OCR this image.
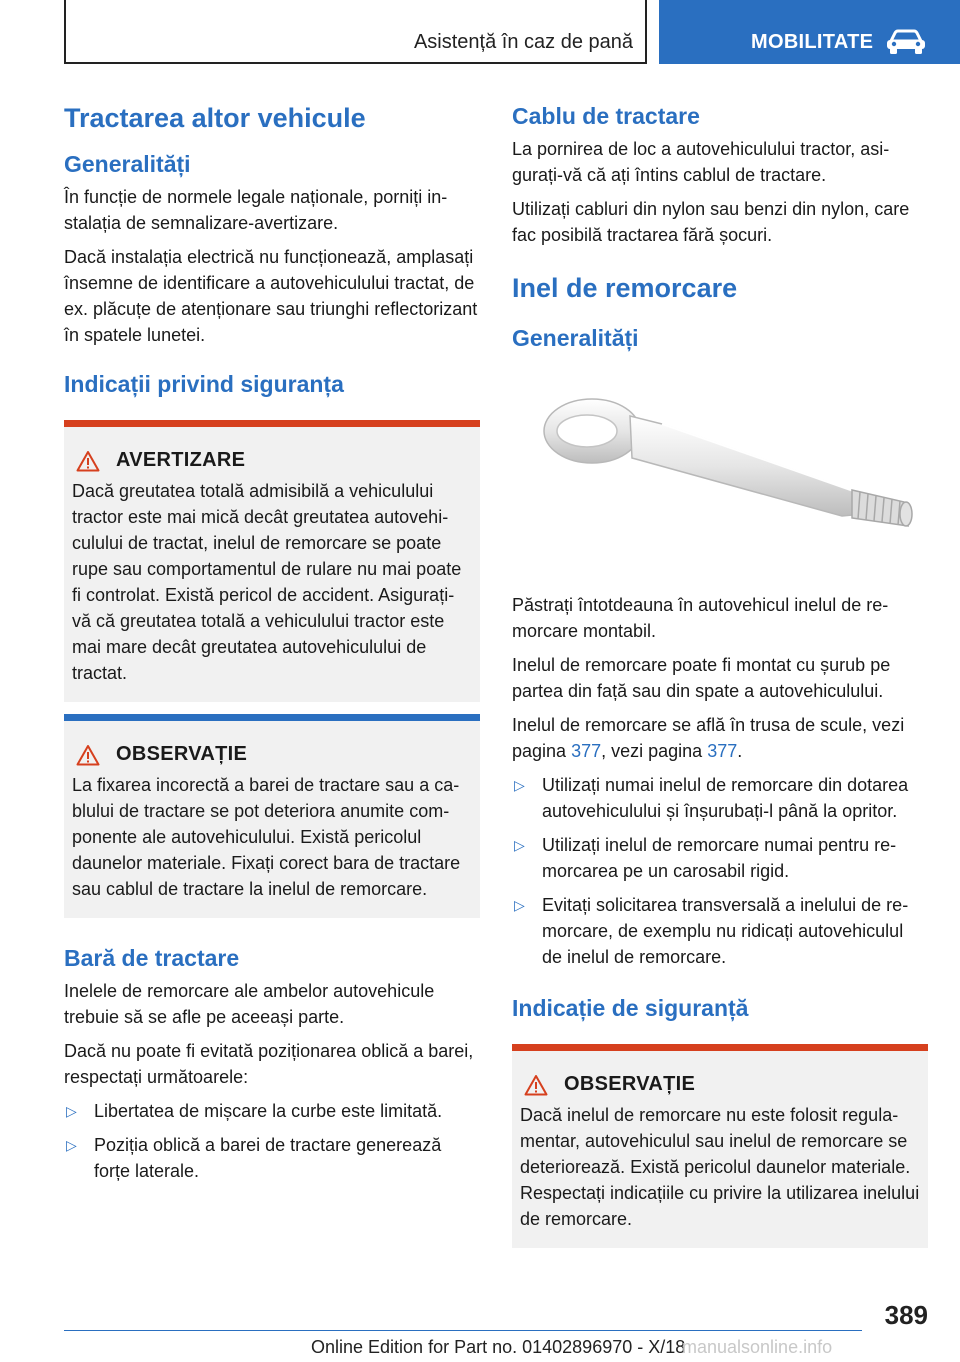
Asistență în caz de pană	MOBILITATE
Tractarea altor vehicule
Generalități

În funcție de normele legale naționale, porniți instalația de semnalizare-avertizare.

Dacă instalația electrică nu funcționează, amplasați însemne de identificare a autovehiculului tractat, de ex. plăcuțe de atenționare sau triunghi reflectorizant în spatele lunetei.

Indicații privind siguranța
AVERTIZARE

Dacă greutatea totală admisibilă a vehiculului tractor este mai mică decât greutatea autovehiculului de tractat, inelul de remorcare se poate rupe sau comportamentul de rulare nu mai poate fi controlat. Există pericol de accident. Asigurați-vă că greutatea totală a vehiculului tractor este mai mare decât greutatea autovehiculului de tractat.

OBSERVAȚIE

La fixarea incorectă a barei de tractare sau a cablului de tractare se pot deteriora anumite componente ale autovehiculului. Există pericolul daunelor materiale. Fixați corect bara de tractare sau cablul de tractare la inelul de remorcare.

Bară de tractare

Inelele de remorcare ale ambelor autovehicule trebuie să se afle pe aceeași parte.

Dacă nu poate fi evitată poziționarea oblică a barei, respectați următoarele:

▷ Libertatea de mișcare la curbe este limitată.
▷ Poziția oblică a barei de tractare generează forțe laterale.
Cablu de tractare

La pornirea de loc a autovehiculului tractor, asigurați-vă că ați întins cablul de tractare.

Utilizați cabluri din nylon sau benzi din nylon, care fac posibilă tractarea fără șocuri.

Inel de remorcare
Generalități

Păstrați întotdeauna în autovehicul inelul de remorcare montabil.

Inelul de remorcare poate fi montat cu șurub pe partea din față sau din spate a autovehiculului.

Inelul de remorcare se află în trusa de scule, vezi pagina 377, vezi pagina 377.

▷ Utilizați numai inelul de remorcare din dotarea autovehiculului și înșurubați-l până la opritor.
▷ Utilizați inelul de remorcare numai pentru remorcarea pe un carosabil rigid.
▷ Evitați solicitarea transversală a inelului de remorcare, de exemplu nu ridicați autovehiculul de inelul de remorcare.
Indicație de siguranță
OBSERVAȚIE

Dacă inelul de remorcare nu este folosit regulamentar, autovehiculul sau inelul de remorcare se deteriorează. Există pericolul daunelor materiale. Respectați indicațiile cu privire la utilizarea inelului de remorcare.

389
Online Edition for Part no. 01402896970 - X/18
manualsonline.info
